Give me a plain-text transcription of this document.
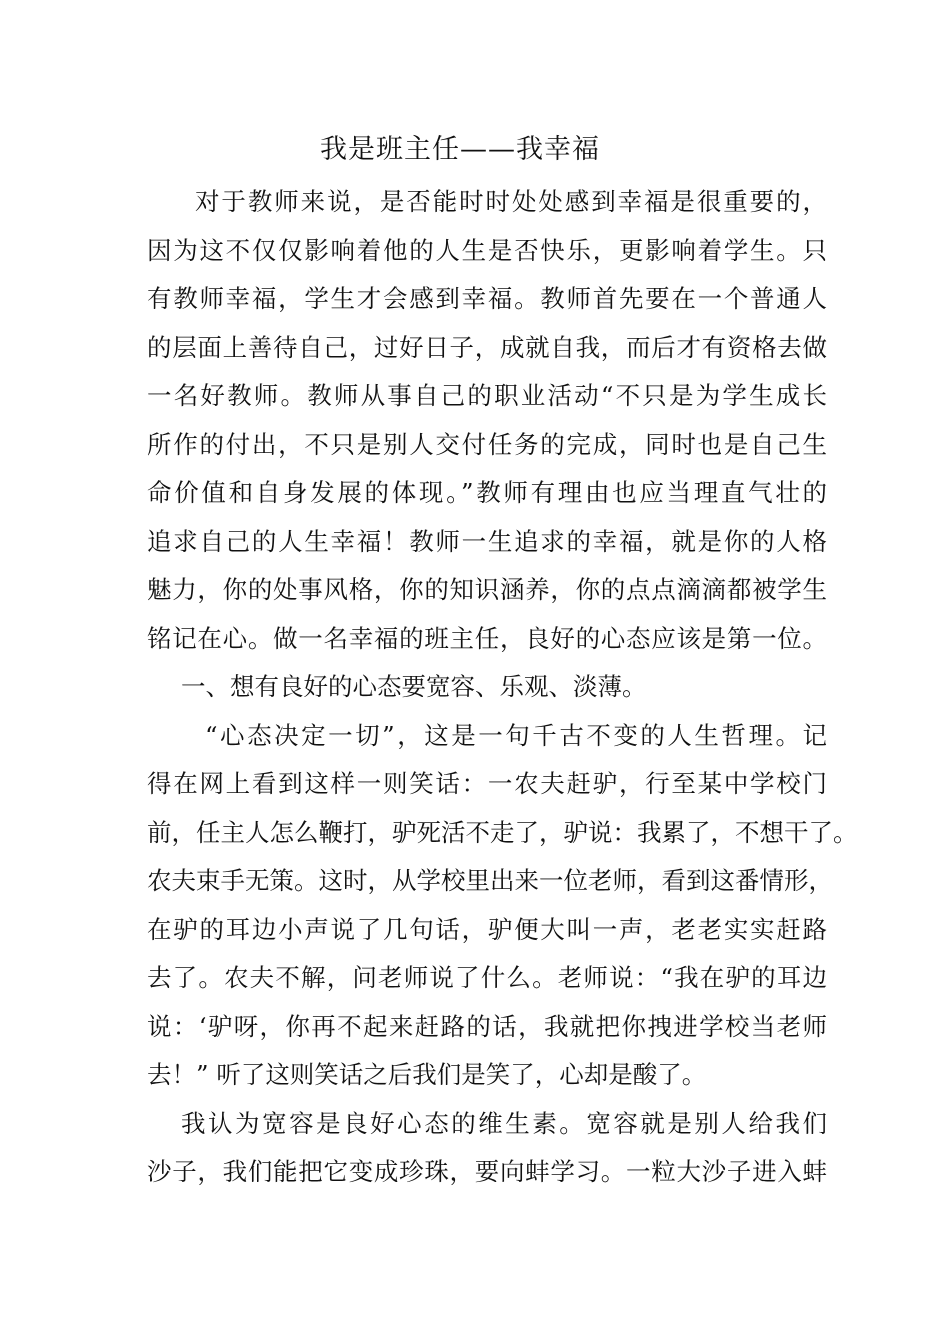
我是班主任——我幸福
对于教师来说，是否能时时处处感到幸福是很重要的，
因为这不仅仅影响着他的人生是否快乐，更影响着学生。只
有教师幸福，学生才会感到幸福。教师首先要在一个普通人
的层面上善待自己，过好日子，成就自我，而后才有资格去做
一名好教师。教师从事自己的职业活动“不只是为学生成长
所作的付出，不只是别人交付任务的完成，同时也是自己生
命价值和自身发展的体现。”教师有理由也应当理直气壮的
追求自己的人生幸福！教师一生追求的幸福，就是你的人格
魅力，你的处事风格，你的知识涵养，你的点点滴滴都被学生
铭记在心。做一名幸福的班主任，良好的心态应该是第一位。
一、想有良好的心态要宽容、乐观、淡薄。
“心态决定一切”，这是一句千古不变的人生哲理。记
得在网上看到这样一则笑话：一农夫赶驴，行至某中学校门
前，任主人怎么鞭打，驴死活不走了，驴说：我累了，不想干了。
农夫束手无策。这时，从学校里出来一位老师，看到这番情形，
在驴的耳边小声说了几句话，驴便大叫一声，老老实实赶路
去了。农夫不解，问老师说了什么。老师说：“我在驴的耳边
说：‘驴呀，你再不起来赶路的话，我就把你拽进学校当老师
去！” 听了这则笑话之后我们是笑了，心却是酸了。
我认为宽容是良好心态的维生素。宽容就是别人给我们
沙子，我们能把它变成珍珠，要向蚌学习。一粒大沙子进入蚌
